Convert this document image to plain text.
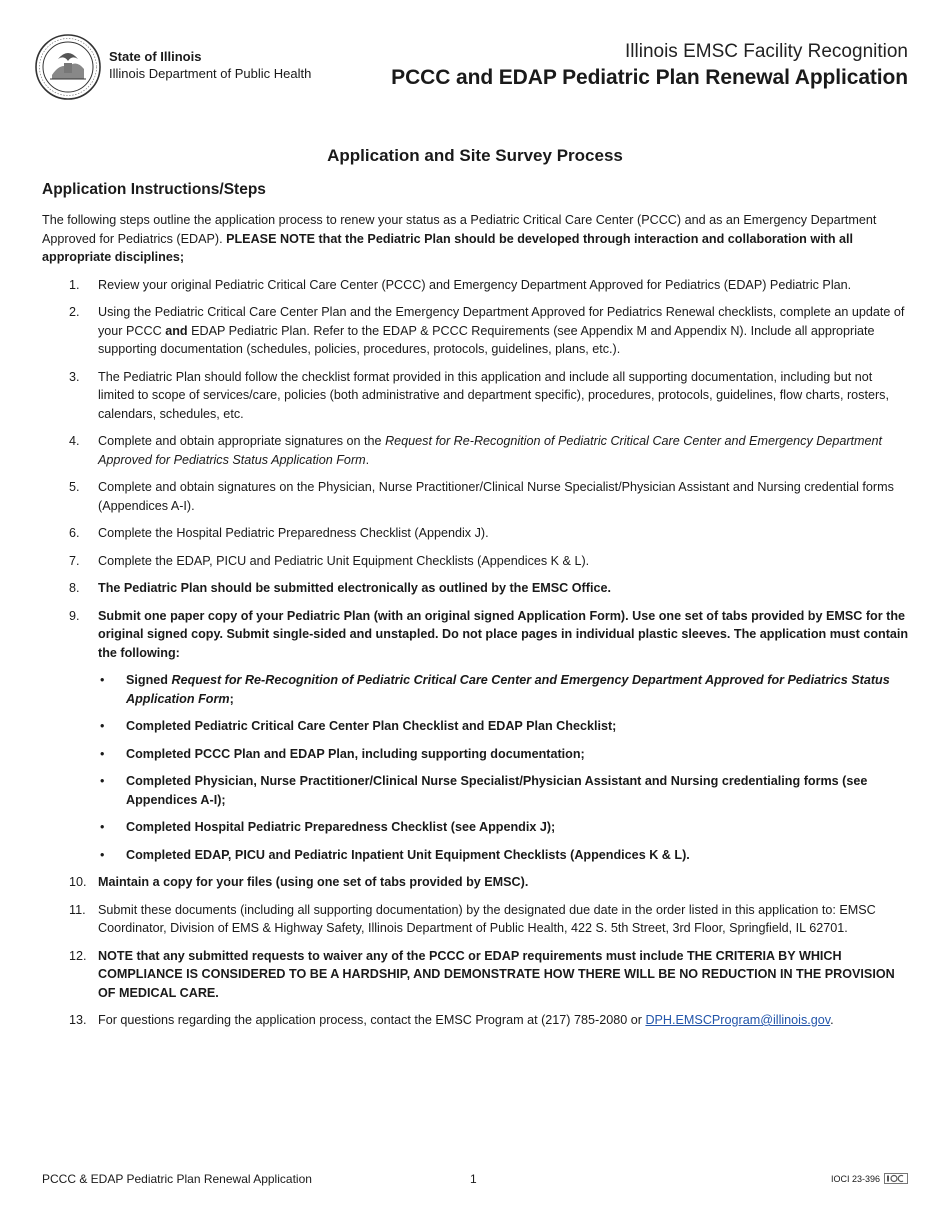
State of Illinois
Illinois Department of Public Health
Illinois EMSC Facility Recognition
PCCC and EDAP Pediatric Plan Renewal Application
Application and Site Survey Process
Application Instructions/Steps

The following steps outline the application process to renew your status as a Pediatric Critical Care Center (PCCC) and as an Emergency Department Approved for Pediatrics (EDAP). PLEASE NOTE that the Pediatric Plan should be developed through interaction and collaboration with all appropriate disciplines;

1. Review your original Pediatric Critical Care Center (PCCC) and Emergency Department Approved for Pediatrics (EDAP) Pediatric Plan.
2. Using the Pediatric Critical Care Center Plan and the Emergency Department Approved for Pediatrics Renewal checklists, complete an update of your PCCC and EDAP Pediatric Plan. Refer to the EDAP & PCCC Requirements (see Appendix M and Appendix N). Include all appropriate supporting documentation (schedules, policies, procedures, protocols, guidelines, plans, etc.).
3. The Pediatric Plan should follow the checklist format provided in this application and include all supporting documentation, including but not limited to scope of services/care, policies (both administrative and department specific), procedures, protocols, guidelines, flow charts, rosters, calendars, schedules, etc.
4. Complete and obtain appropriate signatures on the Request for Re-Recognition of Pediatric Critical Care Center and Emergency Department Approved for Pediatrics Status Application Form.
5. Complete and obtain signatures on the Physician, Nurse Practitioner/Clinical Nurse Specialist/Physician Assistant and Nursing credential forms (Appendices A-I).
6. Complete the Hospital Pediatric Preparedness Checklist (Appendix J).
7. Complete the EDAP, PICU and Pediatric Unit Equipment Checklists (Appendices K & L).
8. The Pediatric Plan should be submitted electronically as outlined by the EMSC Office.
9. Submit one paper copy of your Pediatric Plan (with an original signed Application Form). Use one set of tabs provided by EMSC for the original signed copy. Submit single-sided and unstapled. Do not place pages in individual plastic sleeves. The application must contain the following:
• Signed Request for Re-Recognition of Pediatric Critical Care Center and Emergency Department Approved for Pediatrics Status Application Form;
• Completed Pediatric Critical Care Center Plan Checklist and EDAP Plan Checklist;
• Completed PCCC Plan and EDAP Plan, including supporting documentation;
• Completed Physician, Nurse Practitioner/Clinical Nurse Specialist/Physician Assistant and Nursing credentialing forms (see Appendices A-I);
• Completed Hospital Pediatric Preparedness Checklist (see Appendix J);
• Completed EDAP, PICU and Pediatric Inpatient Unit Equipment Checklists (Appendices K & L).
10. Maintain a copy for your files (using one set of tabs provided by EMSC).
11. Submit these documents (including all supporting documentation) by the designated due date in the order listed in this application to: EMSC Coordinator, Division of EMS & Highway Safety, Illinois Department of Public Health, 422 S. 5th Street, 3rd Floor, Springfield, IL 62701.
12. NOTE that any submitted requests to waiver any of the PCCC or EDAP requirements must include THE CRITERIA BY WHICH COMPLIANCE IS CONSIDERED TO BE A HARDSHIP, AND DEMONSTRATE HOW THERE WILL BE NO REDUCTION IN THE PROVISION OF MEDICAL CARE.
13. For questions regarding the application process, contact the EMSC Program at (217) 785-2080 or DPH.EMSCProgram@illinois.gov.
PCCC & EDAP Pediatric Plan Renewal Application	1	IOCI 23-396
